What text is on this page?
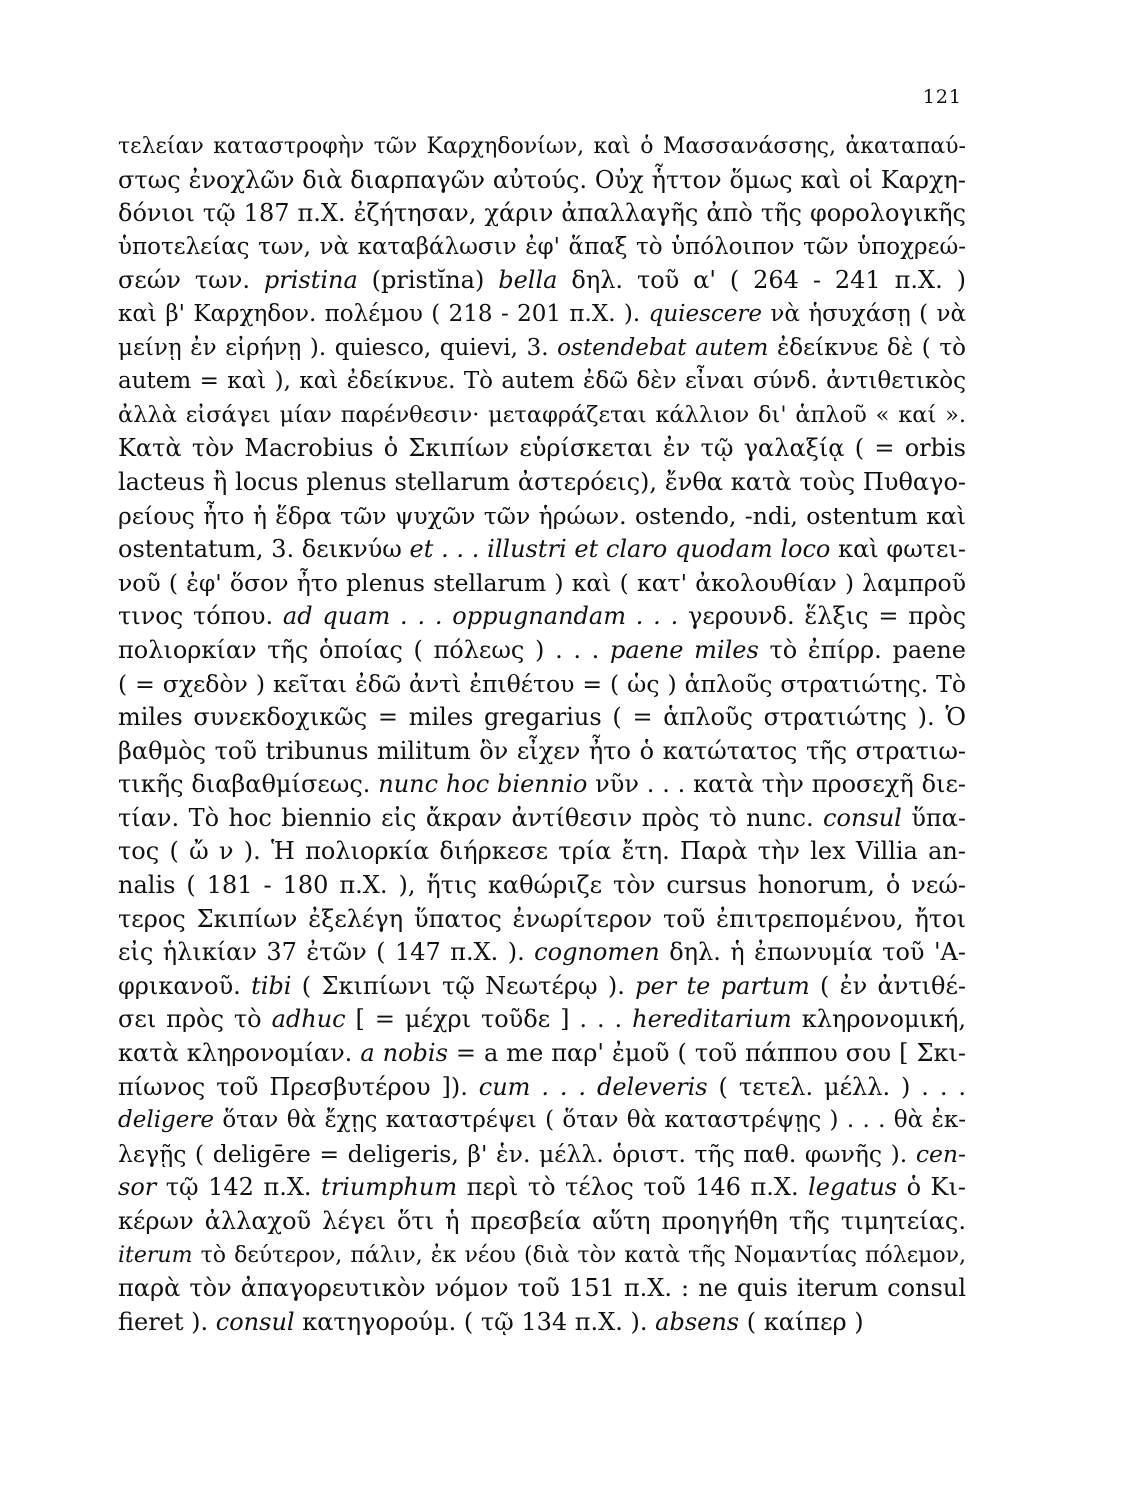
121
τελείαν καταστροφὴν τῶν Καρχηδονίων, καὶ ὁ Μασσανάσσης, ἀκαταπαύ-
στως ἐνοχλῶν διὰ διαρπαγῶν αὐτούς. Οὐχ ἧττον ὅμως καὶ οἱ Καρχη-
δόνιοι τῷ 187 π.Χ. ἐζήτησαν, χάριν ἀπαλλαγῆς ἀπὸ τῆς φορολογικῆς
ὑποτελείας των, νὰ καταβάλωσιν ἐφ' ἅπαξ τὸ ὑπόλοιπον τῶν ὑποχρεώ-
σεών των. pristina (pristĭna) bella δηλ. τοῦ α' ( 264 - 241 π.Χ. )
καὶ β' Καρχηδον. πολέμου ( 218 - 201 π.Χ. ). quiescere νὰ ἡσυχάσῃ ( νὰ
μείνῃ ἐν εἰρήνῃ ). quiesco, quievi, 3. ostendebat autem ἐδείκνυε δὲ ( τὸ
autem = καὶ ), καὶ ἐδείκνυε. Τὸ autem ἐδῶ δὲν εἶναι σύνδ. ἀντιθετικὸς
ἀλλὰ εἰσάγει μίαν παρένθεσιν· μεταφράζεται κάλλιον δι' ἁπλοῦ « καί ».
Κατὰ τὸν Macrobius ὁ Σκιπίων εὑρίσκεται ἐν τῷ γαλαξίᾳ ( = orbis
lacteus ἢ locus plenus stellarum ἀστερόεις), ἔνθα κατὰ τοὺς Πυθαγο-
ρείους ἦτο ἡ ἕδρα τῶν ψυχῶν τῶν ἡρώων. ostendo, -ndi, ostentum καὶ
ostentatum, 3. δεικνύω et . . . illustri et claro quodam loco καὶ φωτει-
νοῦ ( ἐφ' ὅσον ἦτο plenus stellarum ) καὶ ( κατ' ἀκολουθίαν ) λαμπροῦ
τινος τόπου. ad quam . . . oppugnandam . . . γερουνδ. ἕλξις = πρὸς
πολιορκίαν τῆς ὁποίας ( πόλεως ) . . . paene miles τὸ ἐπίρρ. paene
( = σχεδὸν ) κεῖται ἐδῶ ἀντὶ ἐπιθέτου = ( ὡς ) ἁπλοῦς στρατιώτης. Τὸ
miles συνεκδοχικῶς = miles gregarius ( = ἁπλοῦς στρατιώτης ). Ὁ
βαθμὸς τοῦ tribunus militum ὃν εἶχεν ἦτο ὁ κατώτατος τῆς στρατιω-
τικῆς διαβαθμίσεως. nunc hoc biennio νῦν . . . κατὰ τὴν προσεχῆ διε-
τίαν. Τὸ hoc biennio εἰς ἄκραν ἀντίθεσιν πρὸς τὸ nunc. consul ὕπα-
τος ( ὤ ν ). Ἡ πολιορκία διήρκεσε τρία ἔτη. Παρὰ τὴν lex Villia an-
nalis ( 181 - 180 π.Χ. ), ἥτις καθώριζε τὸν cursus honorum, ὁ νεώ-
τερος Σκιπίων ἐξελέγη ὕπατος ἐνωρίτερον τοῦ ἐπιτρεπομένου, ἤτοι
εἰς ἡλικίαν 37 ἐτῶν ( 147 π.Χ. ). cognomen δηλ. ἡ ἐπωνυμία τοῦ 'Α-
φρικανοῦ. tibi ( Σκιπίωνι τῷ Νεωτέρῳ ). per te partum ( ἐν ἀντιθέ-
σει πρὸς τὸ adhuc [ = μέχρι τοῦδε ] . . . hereditarium κληρονομική,
κατὰ κληρονομίαν. a nobis = a me παρ' ἐμοῦ ( τοῦ πάππου σου [ Σκι-
πίωνος τοῦ Πρεσβυτέρου ]). cum . . . deleveris ( τετελ. μέλλ. ) . . .
deligere ὅταν θὰ ἔχῃς καταστρέψει ( ὅταν θὰ καταστρέψῃς ) . . . θὰ ἐκ-
λεγῇς ( deligēre = deligeris, β' ἑν. μέλλ. ὁριστ. τῆς παθ. φωνῆς ). cen-
sor τῷ 142 π.Χ. triumphum περὶ τὸ τέλος τοῦ 146 π.Χ. legatus ὁ Κι-
κέρων ἀλλαχοῦ λέγει ὅτι ἡ πρεσβεία αὕτη προηγήθη τῆς τιμητείας.
iterum τὸ δεύτερον, πάλιν, ἐκ νέου (διὰ τὸν κατὰ τῆς Νομαντίας πόλεμον,
παρὰ τὸν ἀπαγορευτικὸν νόμον τοῦ 151 π.Χ. : ne quis iterum consul
fieret ). consul κατηγορούμ. ( τῷ 134 π.Χ. ). absens ( καίπερ )
